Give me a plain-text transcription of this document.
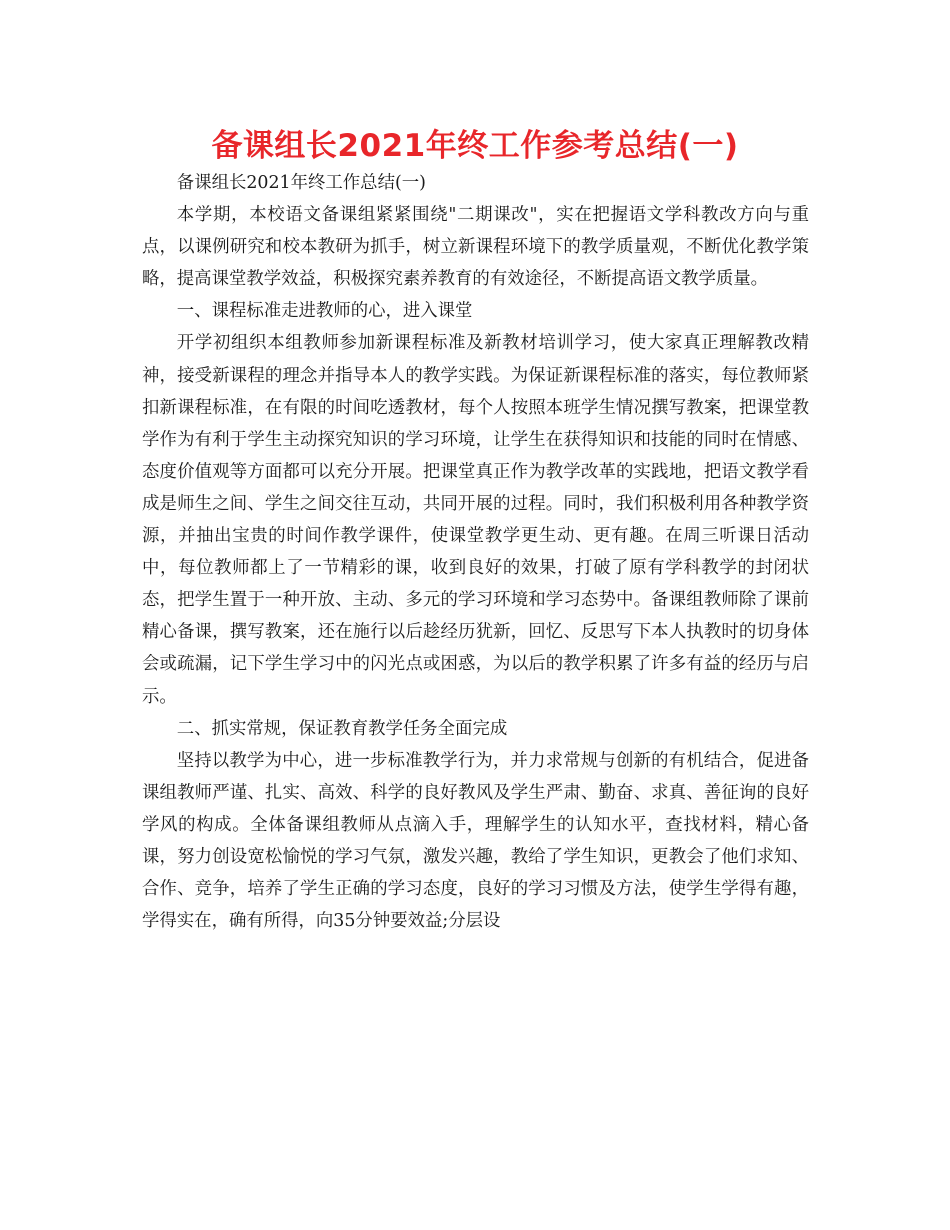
备课组长2021年终工作参考总结(一)

备课组长2021年终工作总结(一)

本学期，本校语文备课组紧紧围绕"二期课改"，实在把握语文学科教改方向与重点，以课例研究和校本教研为抓手，树立新课程环境下的教学质量观，不断优化教学策略，提高课堂教学效益，积极探究素养教育的有效途径，不断提高语文教学质量。

一、课程标准走进教师的心，进入课堂

开学初组织本组教师参加新课程标准及新教材培训学习，使大家真正理解教改精神，接受新课程的理念并指导本人的教学实践。为保证新课程标准的落实，每位教师紧扣新课程标准，在有限的时间吃透教材，每个人按照本班学生情况撰写教案，把课堂教学作为有利于学生主动探究知识的学习环境，让学生在获得知识和技能的同时在情感、态度价值观等方面都可以充分开展。把课堂真正作为教学改革的实践地，把语文教学看成是师生之间、学生之间交往互动，共同开展的过程。同时，我们积极利用各种教学资源，并抽出宝贵的时间作教学课件，使课堂教学更生动、更有趣。在周三听课日活动中，每位教师都上了一节精彩的课，收到良好的效果，打破了原有学科教学的封闭状态，把学生置于一种开放、主动、多元的学习环境和学习态势中。备课组教师除了课前精心备课，撰写教案，还在施行以后趁经历犹新，回忆、反思写下本人执教时的切身体会或疏漏，记下学生学习中的闪光点或困惑，为以后的教学积累了许多有益的经历与启示。

二、抓实常规，保证教育教学任务全面完成

坚持以教学为中心，进一步标准教学行为，并力求常规与创新的有机结合，促进备课组教师严谨、扎实、高效、科学的良好教风及学生严肃、勤奋、求真、善征询的良好学风的构成。全体备课组教师从点滴入手，理解学生的认知水平，查找材料，精心备课，努力创设宽松愉悦的学习气氛，激发兴趣，教给了学生知识，更教会了他们求知、合作、竞争，培养了学生正确的学习态度，良好的学习习惯及方法，使学生学得有趣，学得实在，确有所得，向35分钟要效益;分层设
